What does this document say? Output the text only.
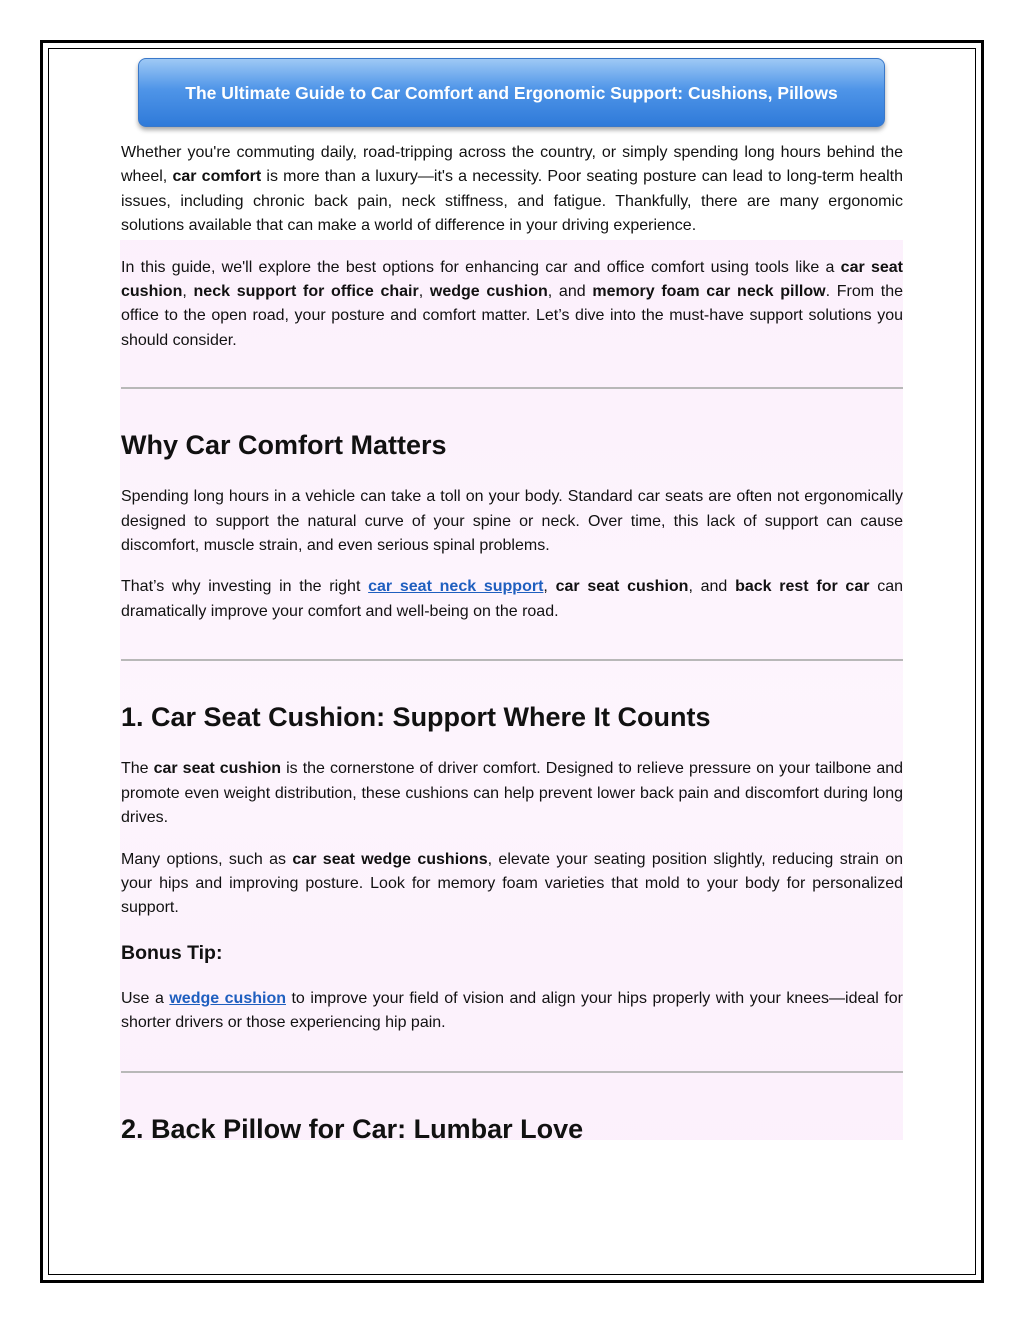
The Ultimate Guide to Car Comfort and Ergonomic Support: Cushions, Pillows

Whether you're commuting daily, road-tripping across the country, or simply spending long hours behind the wheel, car comfort is more than a luxury—it's a necessity. Poor seating posture can lead to long-term health issues, including chronic back pain, neck stiffness, and fatigue. Thankfully, there are many ergonomic solutions available that can make a world of difference in your driving experience.

In this guide, we'll explore the best options for enhancing car and office comfort using tools like a car seat cushion, neck support for office chair, wedge cushion, and memory foam car neck pillow. From the office to the open road, your posture and comfort matter. Let’s dive into the must-have support solutions you should consider.

Why Car Comfort Matters

Spending long hours in a vehicle can take a toll on your body. Standard car seats are often not ergonomically designed to support the natural curve of your spine or neck. Over time, this lack of support can cause discomfort, muscle strain, and even serious spinal problems.

That’s why investing in the right car seat neck support, car seat cushion, and back rest for car can dramatically improve your comfort and well-being on the road.

1. Car Seat Cushion: Support Where It Counts

The car seat cushion is the cornerstone of driver comfort. Designed to relieve pressure on your tailbone and promote even weight distribution, these cushions can help prevent lower back pain and discomfort during long drives.

Many options, such as car seat wedge cushions, elevate your seating position slightly, reducing strain on your hips and improving posture. Look for memory foam varieties that mold to your body for personalized support.

Bonus Tip:

Use a wedge cushion to improve your field of vision and align your hips properly with your knees—ideal for shorter drivers or those experiencing hip pain.

2. Back Pillow for Car: Lumbar Love
